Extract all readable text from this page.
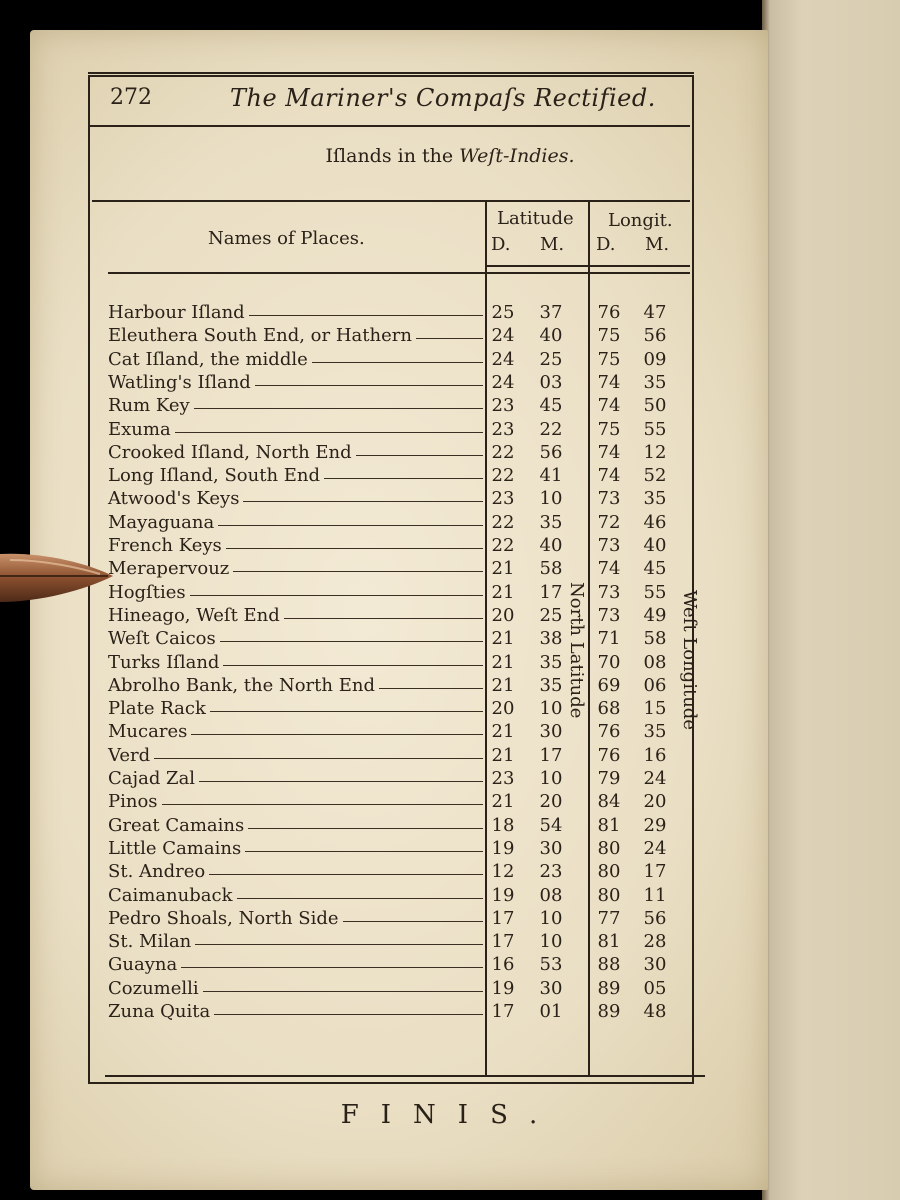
272	The Mariner's Compaſs Rectified.
Iſlands in the Weſt-Indies.
Names of Places.
Latitude Longit.
D. M. D. M.
Harbour Iſland	25 37 76 47
Eleuthera South End, or Hathern	24 40 75 56
Cat Iſland, the middle	24 25 75 09
Watling's Iſland	24 03 74 35
Rum Key	23 45 74 50
Exuma	23 22 75 55
Crooked Iſland, North End	22 56 74 12
Long Iſland, South End	22 41 74 52
Atwood's Keys	23 10 73 35
Mayaguana	22 35 72 46
French Keys	22 40 73 40
Merapervouz	21 58 74 45
Hogſties	21 17 73 55
Hineago, Weſt End	20 25 73 49
Weſt Caicos	21 38 71 58
Turks Iſland	21 35 70 08
Abrolho Bank, the North End	21 35 69 06
Plate Rack	20 10 68 15
Mucares	21 30 76 35
Verd	21 17 76 16
Cajad Zal	23 10 79 24
Pinos	21 20 84 20
Great Camains	18 54 81 29
Little Camains	19 30 80 24
St. Andreo	12 23 80 17
Caimanuback	19 08 80 11
Pedro Shoals, North Side	17 10 77 56
St. Milan	17 10 81 28
Guayna	16 53 88 30
Cozumelli	19 30 89 05
Zuna Quita	17 01 89 48
North Latitude	Weſt Longitude
FINIS.
